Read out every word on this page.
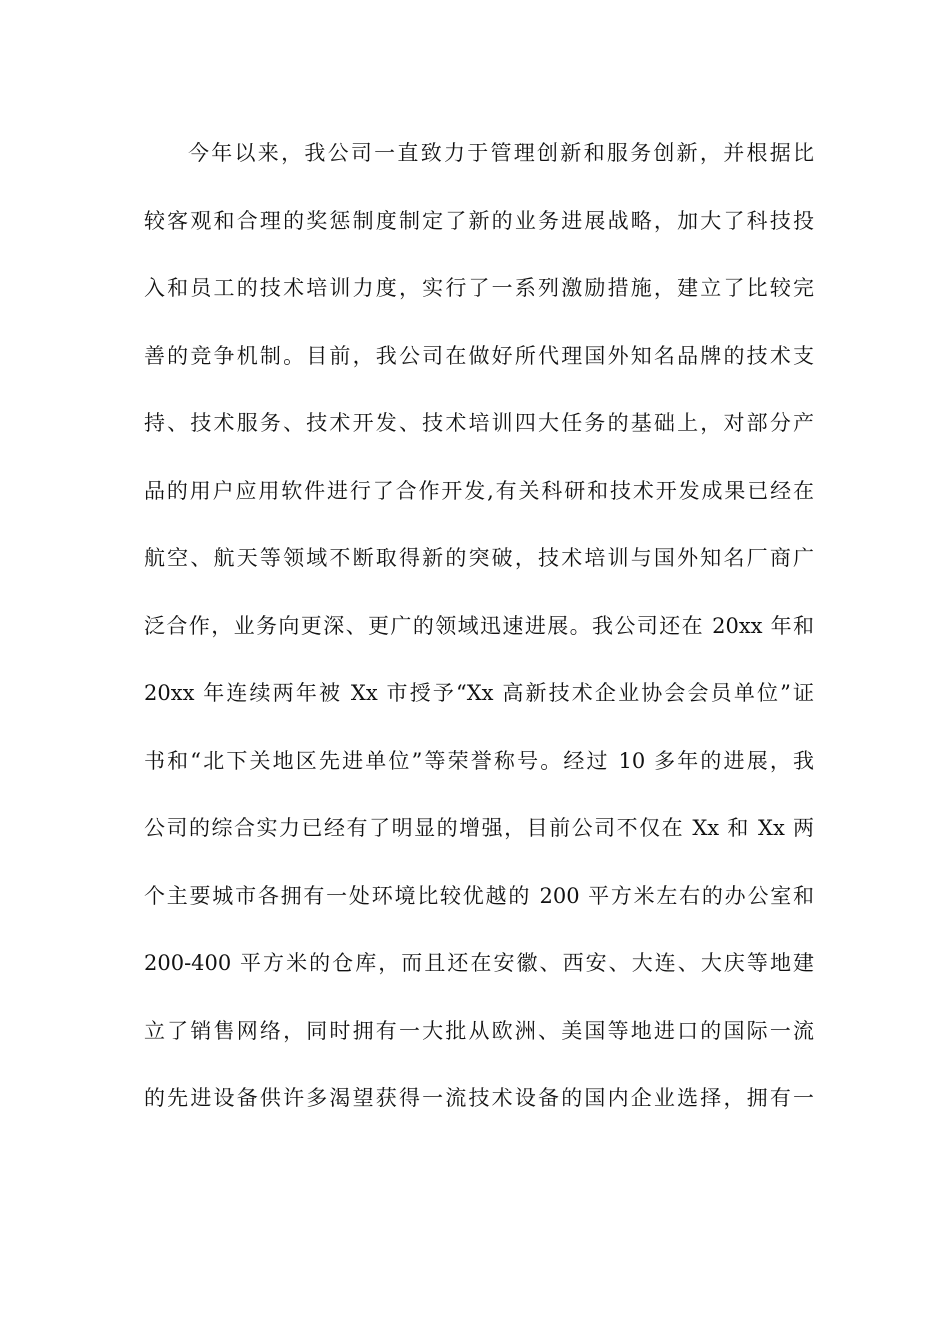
今年以来，我公司一直致力于管理创新和服务创新，并根据比
较客观和合理的奖惩制度制定了新的业务进展战略，加大了科技投
入和员工的技术培训力度，实行了一系列激励措施，建立了比较完
善的竞争机制。目前，我公司在做好所代理国外知名品牌的技术支
持、技术服务、技术开发、技术培训四大任务的基础上，对部分产
品的用户应用软件进行了合作开发,有关科研和技术开发成果已经在
航空、航天等领域不断取得新的突破，技术培训与国外知名厂商广
泛合作，业务向更深、更广的领域迅速进展。我公司还在 20xx 年和
20xx 年连续两年被 Xx 市授予“Xx 高新技术企业协会会员单位”证
书和“北下关地区先进单位”等荣誉称号。经过 10 多年的进展，我
公司的综合实力已经有了明显的增强，目前公司不仅在 Xx 和 Xx 两
个主要城市各拥有一处环境比较优越的 200 平方米左右的办公室和
200-400 平方米的仓库，而且还在安徽、西安、大连、大庆等地建
立了销售网络，同时拥有一大批从欧洲、美国等地进口的国际一流
的先进设备供许多渴望获得一流技术设备的国内企业选择，拥有一
